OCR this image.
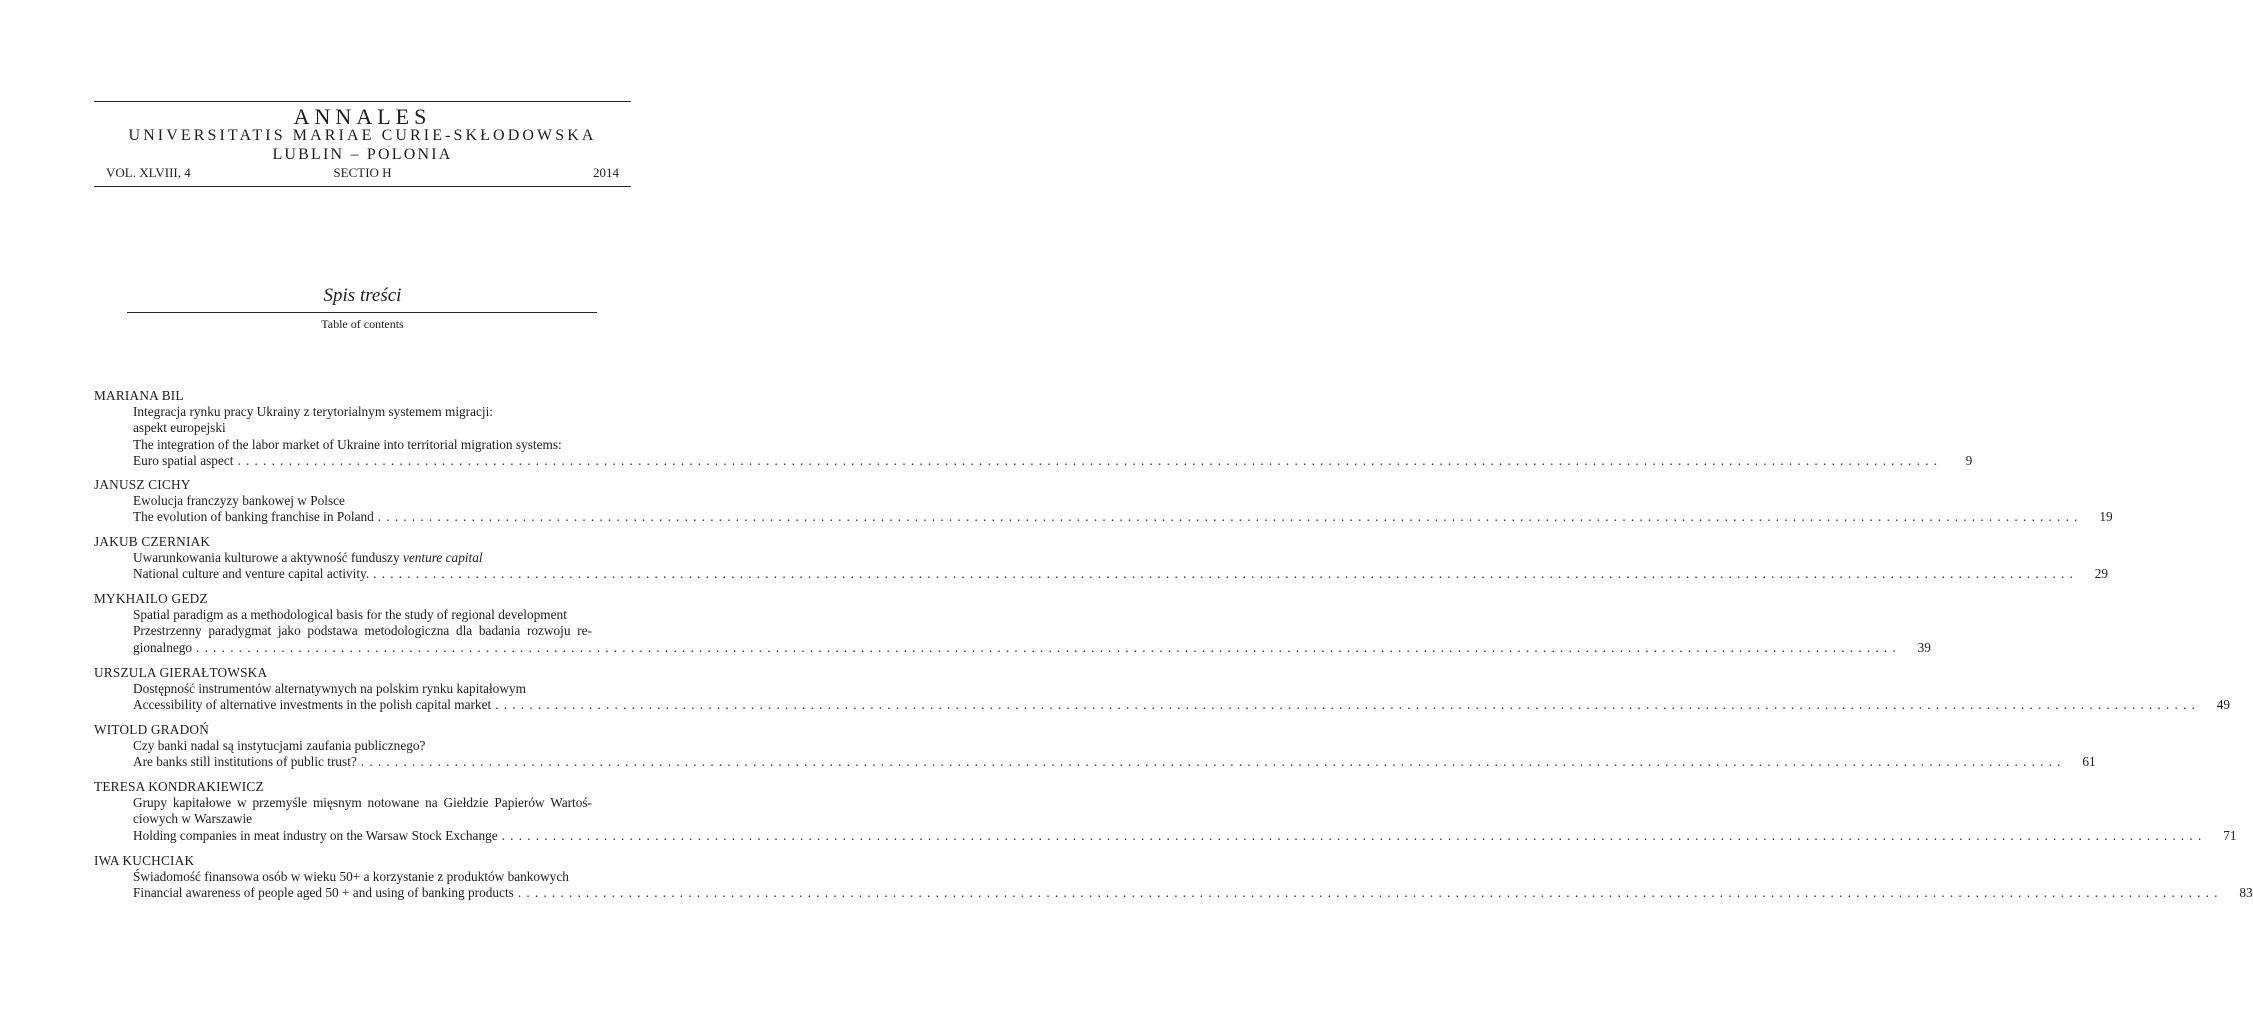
ANNALES
UNIVERSITATIS MARIAE CURIE-SKŁODOWSKA
LUBLIN – POLONIA
VOL. XLVIII, 4	SECTIO H	2014
Spis treści
Table of contents
MARIANA BIL
Integracja rynku pracy Ukrainy z terytorialnym systemem migracji:
aspekt europejski
The integration of the labor market of Ukraine into territorial migration systems:
Euro spatial aspect ........................................................................................................................................................................................................	9
JANUSZ CICHY
Ewolucja franczyzy bankowej w Polsce
The evolution of banking franchise in Poland ........................................................................................................................................................................................................	19
JAKUB CZERNIAK
Uwarunkowania kulturowe a aktywność funduszy venture capital
National culture and venture capital activity. ........................................................................................................................................................................................................	29
MYKHAILO GEDZ
Spatial paradigm as a methodological basis for the study of regional development
Przestrzenny paradygmat jako podstawa metodologiczna dla badania rozwoju re-
gionalnego ........................................................................................................................................................................................................	39
URSZULA GIERAŁTOWSKA
Dostępność instrumentów alternatywnych na polskim rynku kapitałowym
Accessibility of alternative investments in the polish capital market ........................................................................................................................................................................................................	49
WITOLD GRADOŃ
Czy banki nadal są instytucjami zaufania publicznego?
Are banks still institutions of public trust? ........................................................................................................................................................................................................	61
TERESA KONDRAKIEWICZ
Grupy kapitałowe w przemyśle mięsnym notowane na Giełdzie Papierów Wartoś-
ciowych w Warszawie
Holding companies in meat industry on the Warsaw Stock Exchange ........................................................................................................................................................................................................	71
IWA KUCHCIAK
Świadomość finansowa osób w wieku 50+ a korzystanie z produktów bankowych
Financial awareness of people aged 50 + and using of banking products ........................................................................................................................................................................................................	83
